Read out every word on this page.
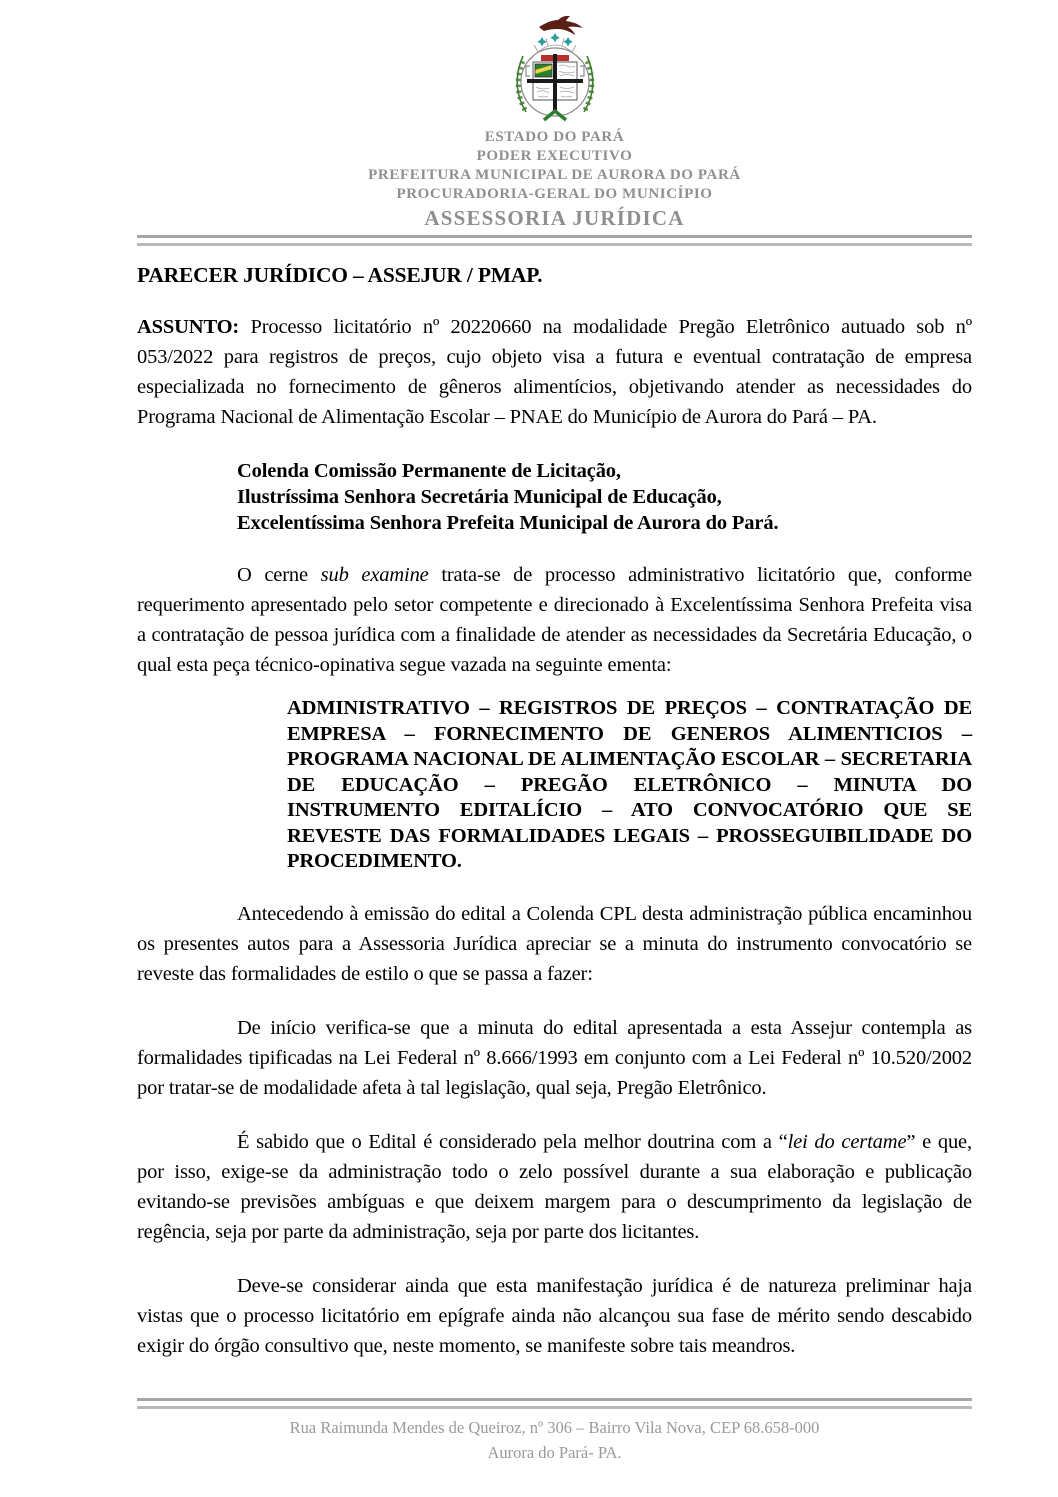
ESTADO DO PARÁ
PODER EXECUTIVO
PREFEITURA MUNICIPAL DE AURORA DO PARÁ
PROCURADORIA-GERAL DO MUNICÍPIO
ASSESSORIA JURÍDICA
PARECER JURÍDICO – ASSEJUR / PMAP.

ASSUNTO: Processo licitatório nº 20220660 na modalidade Pregão Eletrônico autuado sob nº 053/2022 para registros de preços, cujo objeto visa a futura e eventual contratação de empresa especializada no fornecimento de gêneros alimentícios, objetivando atender as necessidades do Programa Nacional de Alimentação Escolar – PNAE do Município de Aurora do Pará – PA.

Colenda Comissão Permanente de Licitação,
Ilustríssima Senhora Secretária Municipal de Educação,
Excelentíssima Senhora Prefeita Municipal de Aurora do Pará.

O cerne sub examine trata-se de processo administrativo licitatório que, conforme requerimento apresentado pelo setor competente e direcionado à Excelentíssima Senhora Prefeita visa a contratação de pessoa jurídica com a finalidade de atender as necessidades da Secretária Educação, o qual esta peça técnico-opinativa segue vazada na seguinte ementa:

ADMINISTRATIVO – REGISTROS DE PREÇOS – CONTRATAÇÃO DE EMPRESA – FORNECIMENTO DE GENEROS ALIMENTICIOS – PROGRAMA NACIONAL DE ALIMENTAÇÃO ESCOLAR – SECRETARIA DE EDUCAÇÃO – PREGÃO ELETRÔNICO – MINUTA DO INSTRUMENTO EDITALÍCIO – ATO CONVOCATÓRIO QUE SE REVESTE DAS FORMALIDADES LEGAIS – PROSSEGUIBILIDADE DO PROCEDIMENTO.

Antecedendo à emissão do edital a Colenda CPL desta administração pública encaminhou os presentes autos para a Assessoria Jurídica apreciar se a minuta do instrumento convocatório se reveste das formalidades de estilo o que se passa a fazer:

De início verifica-se que a minuta do edital apresentada a esta Assejur contempla as formalidades tipificadas na Lei Federal nº 8.666/1993 em conjunto com a Lei Federal nº 10.520/2002 por tratar-se de modalidade afeta à tal legislação, qual seja, Pregão Eletrônico.

É sabido que o Edital é considerado pela melhor doutrina com a “lei do certame” e que, por isso, exige-se da administração todo o zelo possível durante a sua elaboração e publicação evitando-se previsões ambíguas e que deixem margem para o descumprimento da legislação de regência, seja por parte da administração, seja por parte dos licitantes.

Deve-se considerar ainda que esta manifestação jurídica é de natureza preliminar haja vistas que o processo licitatório em epígrafe ainda não alcançou sua fase de mérito sendo descabido exigir do órgão consultivo que, neste momento, se manifeste sobre tais meandros.

Rua Raimunda Mendes de Queiroz, nº 306 – Bairro Vila Nova, CEP 68.658-000
Aurora do Pará- PA.
